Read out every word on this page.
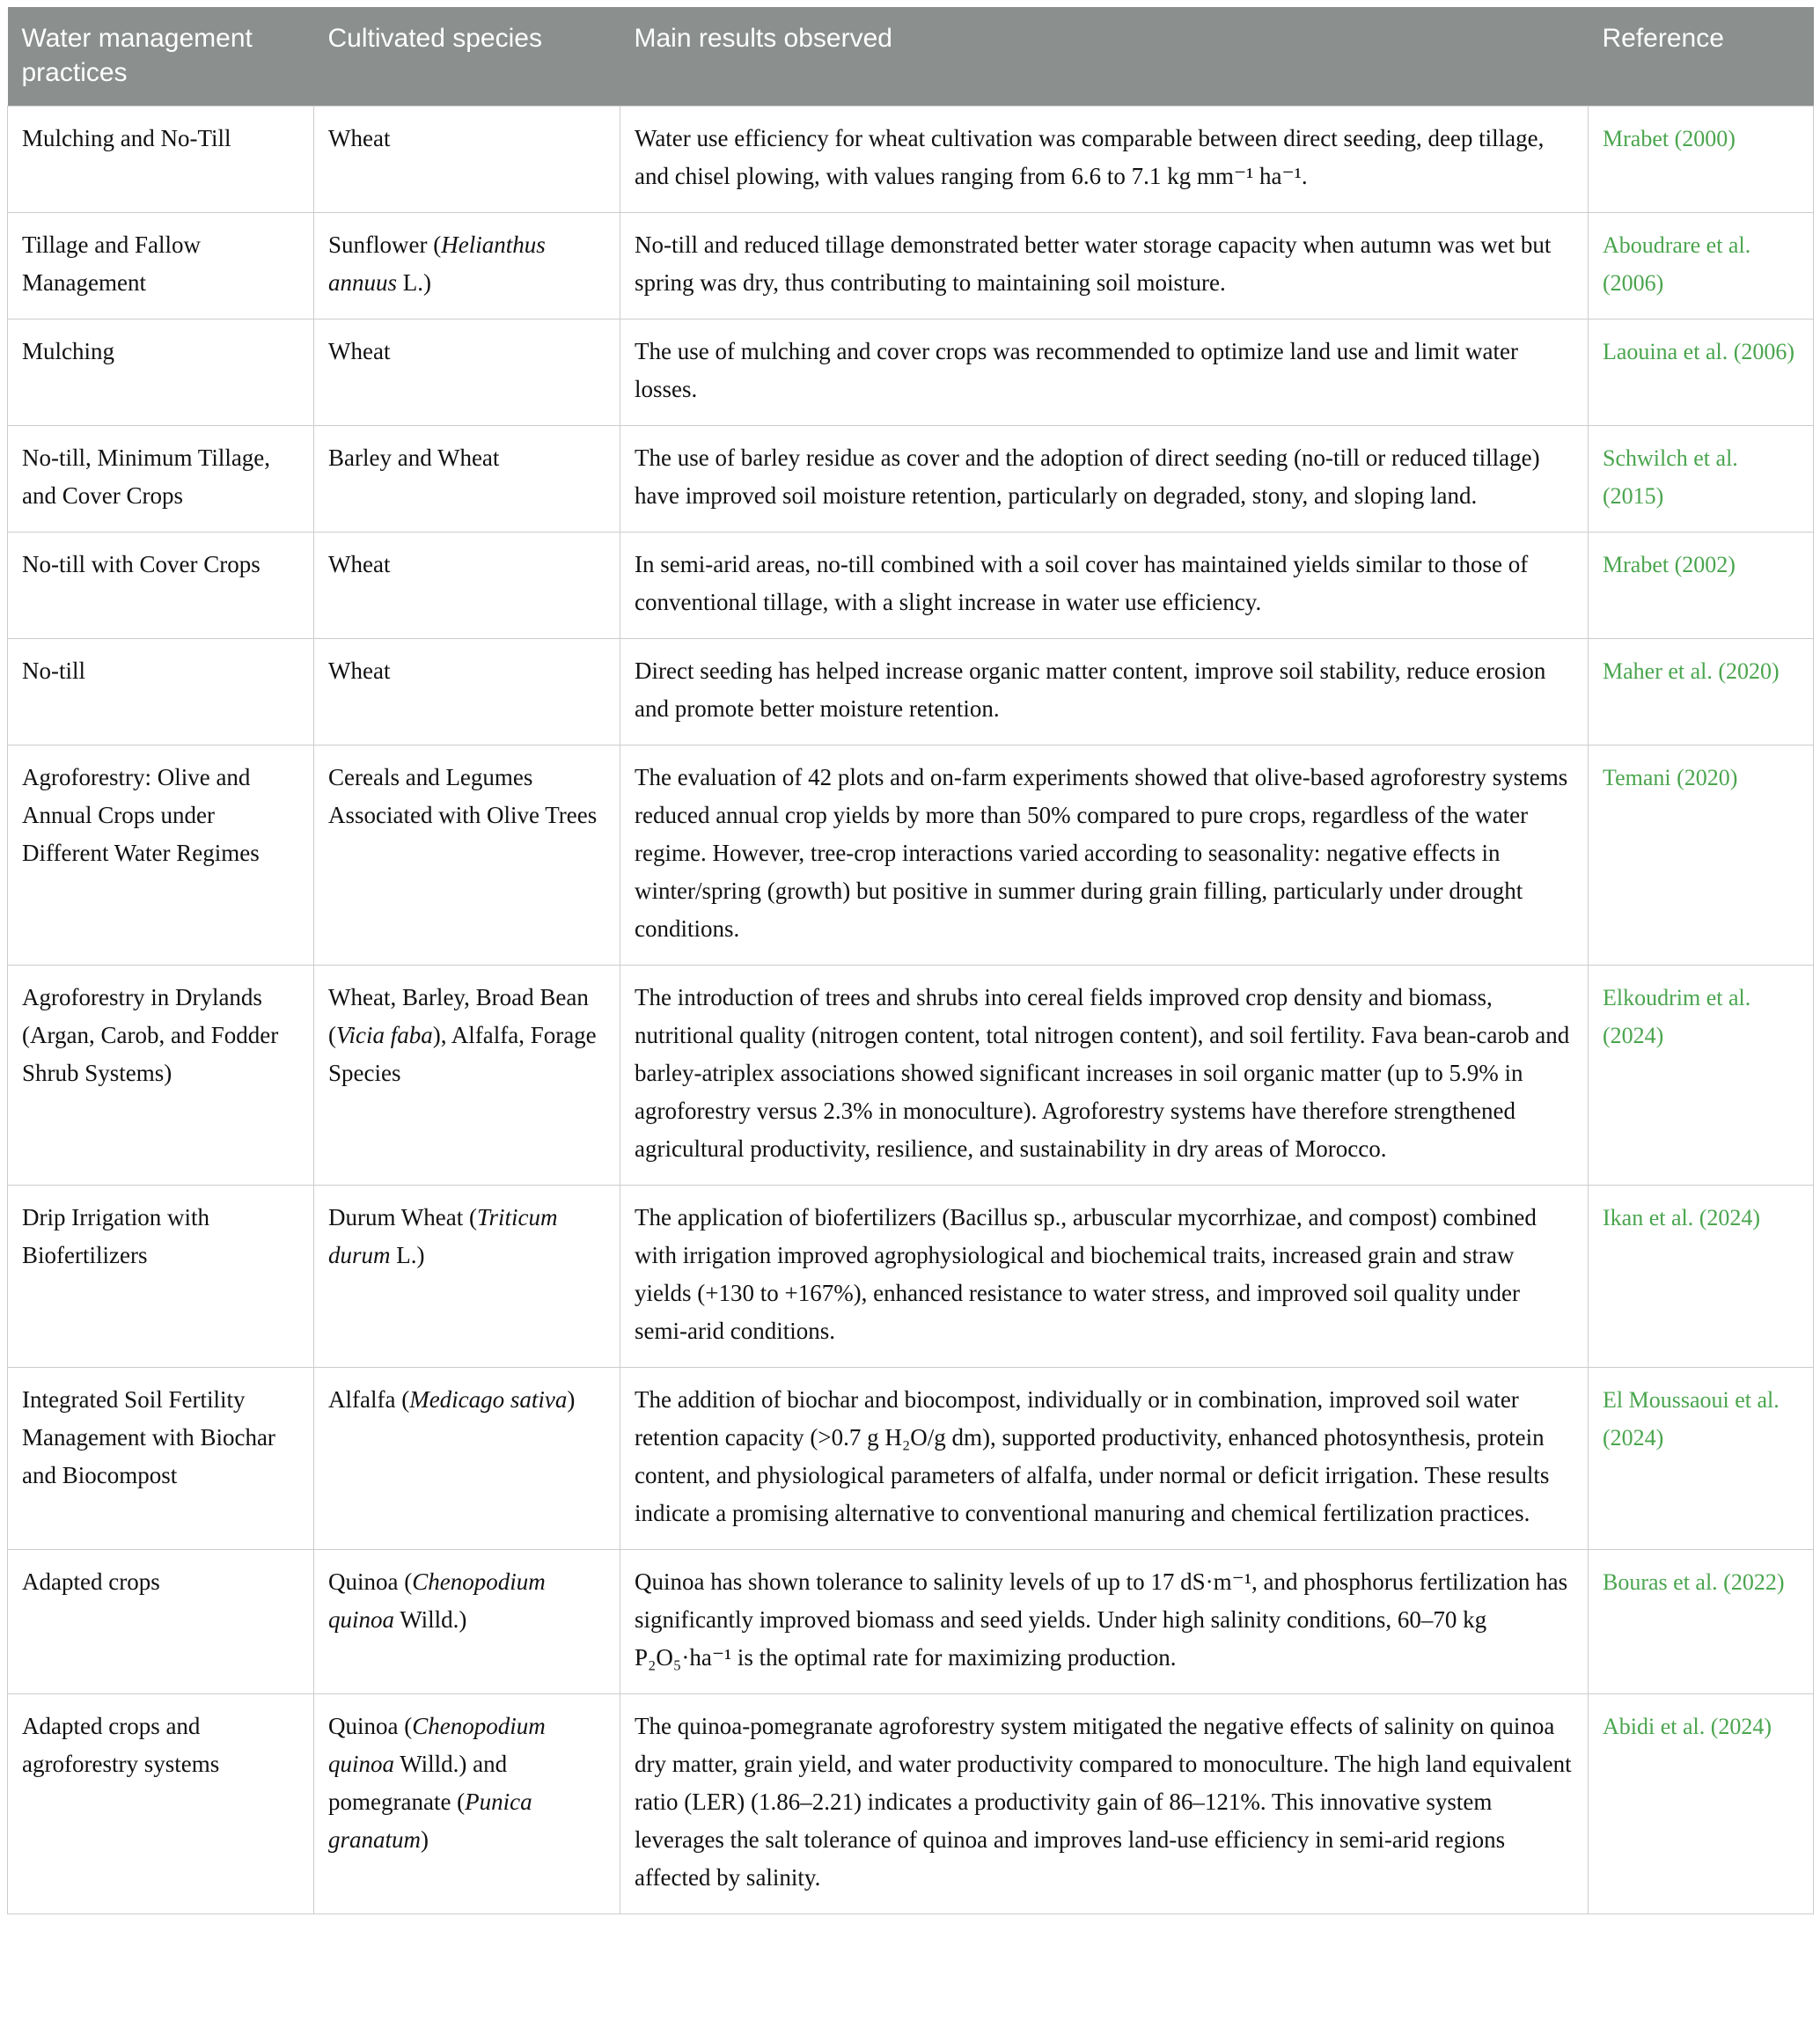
Water management practices	Cultivated species	Main results observed	Reference
Mulching and No-Till	Wheat	Water use efficiency for wheat cultivation was comparable between direct seeding, deep tillage, and chisel plowing, with values ranging from 6.6 to 7.1 kg mm⁻¹ ha⁻¹.	Mrabet (2000)
Tillage and Fallow Management	Sunflower (Helianthus annuus L.)	No-till and reduced tillage demonstrated better water storage capacity when autumn was wet but spring was dry, thus contributing to maintaining soil moisture.	Aboudrare et al. (2006)
Mulching	Wheat	The use of mulching and cover crops was recommended to optimize land use and limit water losses.	Laouina et al. (2006)
No-till, Minimum Tillage, and Cover Crops	Barley and Wheat	The use of barley residue as cover and the adoption of direct seeding (no-till or reduced tillage) have improved soil moisture retention, particularly on degraded, stony, and sloping land.	Schwilch et al. (2015)
No-till with Cover Crops	Wheat	In semi-arid areas, no-till combined with a soil cover has maintained yields similar to those of conventional tillage, with a slight increase in water use efficiency.	Mrabet (2002)
No-till	Wheat	Direct seeding has helped increase organic matter content, improve soil stability, reduce erosion and promote better moisture retention.	Maher et al. (2020)
Agroforestry: Olive and Annual Crops under Different Water Regimes	Cereals and Legumes Associated with Olive Trees	The evaluation of 42 plots and on-farm experiments showed that olive-based agroforestry systems reduced annual crop yields by more than 50% compared to pure crops, regardless of the water regime. However, tree-crop interactions varied according to seasonality: negative effects in winter/spring (growth) but positive in summer during grain filling, particularly under drought conditions.	Temani (2020)
Agroforestry in Drylands (Argan, Carob, and Fodder Shrub Systems)	Wheat, Barley, Broad Bean (Vicia faba), Alfalfa, Forage Species	The introduction of trees and shrubs into cereal fields improved crop density and biomass, nutritional quality (nitrogen content, total nitrogen content), and soil fertility. Fava bean-carob and barley-atriplex associations showed significant increases in soil organic matter (up to 5.9% in agroforestry versus 2.3% in monoculture). Agroforestry systems have therefore strengthened agricultural productivity, resilience, and sustainability in dry areas of Morocco.	Elkoudrim et al. (2024)
Drip Irrigation with Biofertilizers	Durum Wheat (Triticum durum L.)	The application of biofertilizers (Bacillus sp., arbuscular mycorrhizae, and compost) combined with irrigation improved agrophysiological and biochemical traits, increased grain and straw yields (+130 to +167%), enhanced resistance to water stress, and improved soil quality under semi-arid conditions.	Ikan et al. (2024)
Integrated Soil Fertility Management with Biochar and Biocompost	Alfalfa (Medicago sativa)	The addition of biochar and biocompost, individually or in combination, improved soil water retention capacity (>0.7 g H₂O/g dm), supported productivity, enhanced photosynthesis, protein content, and physiological parameters of alfalfa, under normal or deficit irrigation. These results indicate a promising alternative to conventional manuring and chemical fertilization practices.	El Moussaoui et al. (2024)
Adapted crops	Quinoa (Chenopodium quinoa Willd.)	Quinoa has shown tolerance to salinity levels of up to 17 dS·m⁻¹, and phosphorus fertilization has significantly improved biomass and seed yields. Under high salinity conditions, 60–70 kg P₂O₅·ha⁻¹ is the optimal rate for maximizing production.	Bouras et al. (2022)
Adapted crops and agroforestry systems	Quinoa (Chenopodium quinoa Willd.) and pomegranate (Punica granatum)	The quinoa-pomegranate agroforestry system mitigated the negative effects of salinity on quinoa dry matter, grain yield, and water productivity compared to monoculture. The high land equivalent ratio (LER) (1.86–2.21) indicates a productivity gain of 86–121%. This innovative system leverages the salt tolerance of quinoa and improves land-use efficiency in semi-arid regions affected by salinity.	Abidi et al. (2024)
